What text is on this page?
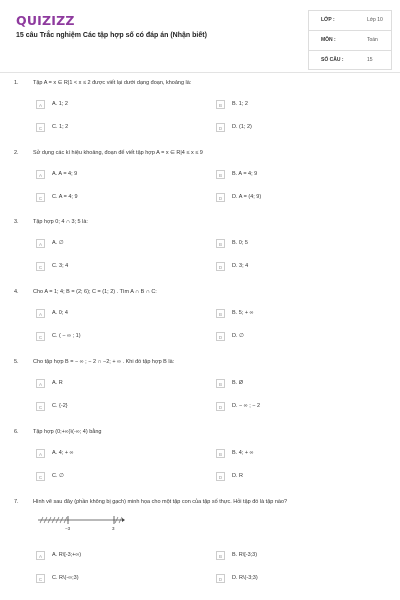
QUIZIZZ
15 câu Trắc nghiệm Các tập hợp số có đáp án (Nhận biết)
LỚP :	Lớp 10
MÔN :	Toán
SỐ CÂU :	15
1.	Tập A = x ∈ R|1 < x ≤ 2 được viết lại dưới dạng đoạn, khoảng là:
A	A. 1; 2	B	B. 1; 2
C	C. 1; 2	D	D. (1; 2)
2.	Sử dụng các kí hiệu khoảng, đoạn để viết tập hợp A = x ∈ R|4 ≤ x ≤ 9
A	A. A = 4; 9	B	B. A = 4; 9
C	C. A = 4; 9	D	D. A = (4; 9)
3.	Tập hợp 0; 4 ∩ 3; 5 là:
A	A. ∅	B	B. 0; 5
C	C. 3; 4	D	D. 3; 4
4.	Cho A = 1; 4; B = (2; 6); C = (1; 2) . Tìm A ∩ B ∩ C:
A	A. 0; 4	B	B. 5; + ∞
C	C. ( − ∞ ; 1)	D	D. ∅
5.	Cho tập hợp B = − ∞ ; − 2 ∩ −2; + ∞ . Khi đó tập hợp B là:
A	A. R	B	B. Ø
C	C. {-2}	D	D. − ∞ ; − 2
6.	Tập hợp (0;+∞)\(-∞; 4) bằng
A	A. 4; + ∞	B	B. 4; + ∞
C	C. ∅	D	D. R
7.	Hình vẽ sau đây (phần không bị gạch) minh họa cho một tập con của tập số thực. Hỏi tập đó là tập nào?
−3	3
A	A. R\[-3;+∞)	B	B. R\[-3;3)
C	C. R\(-∞;3)	D	D. R\(-3;3)
